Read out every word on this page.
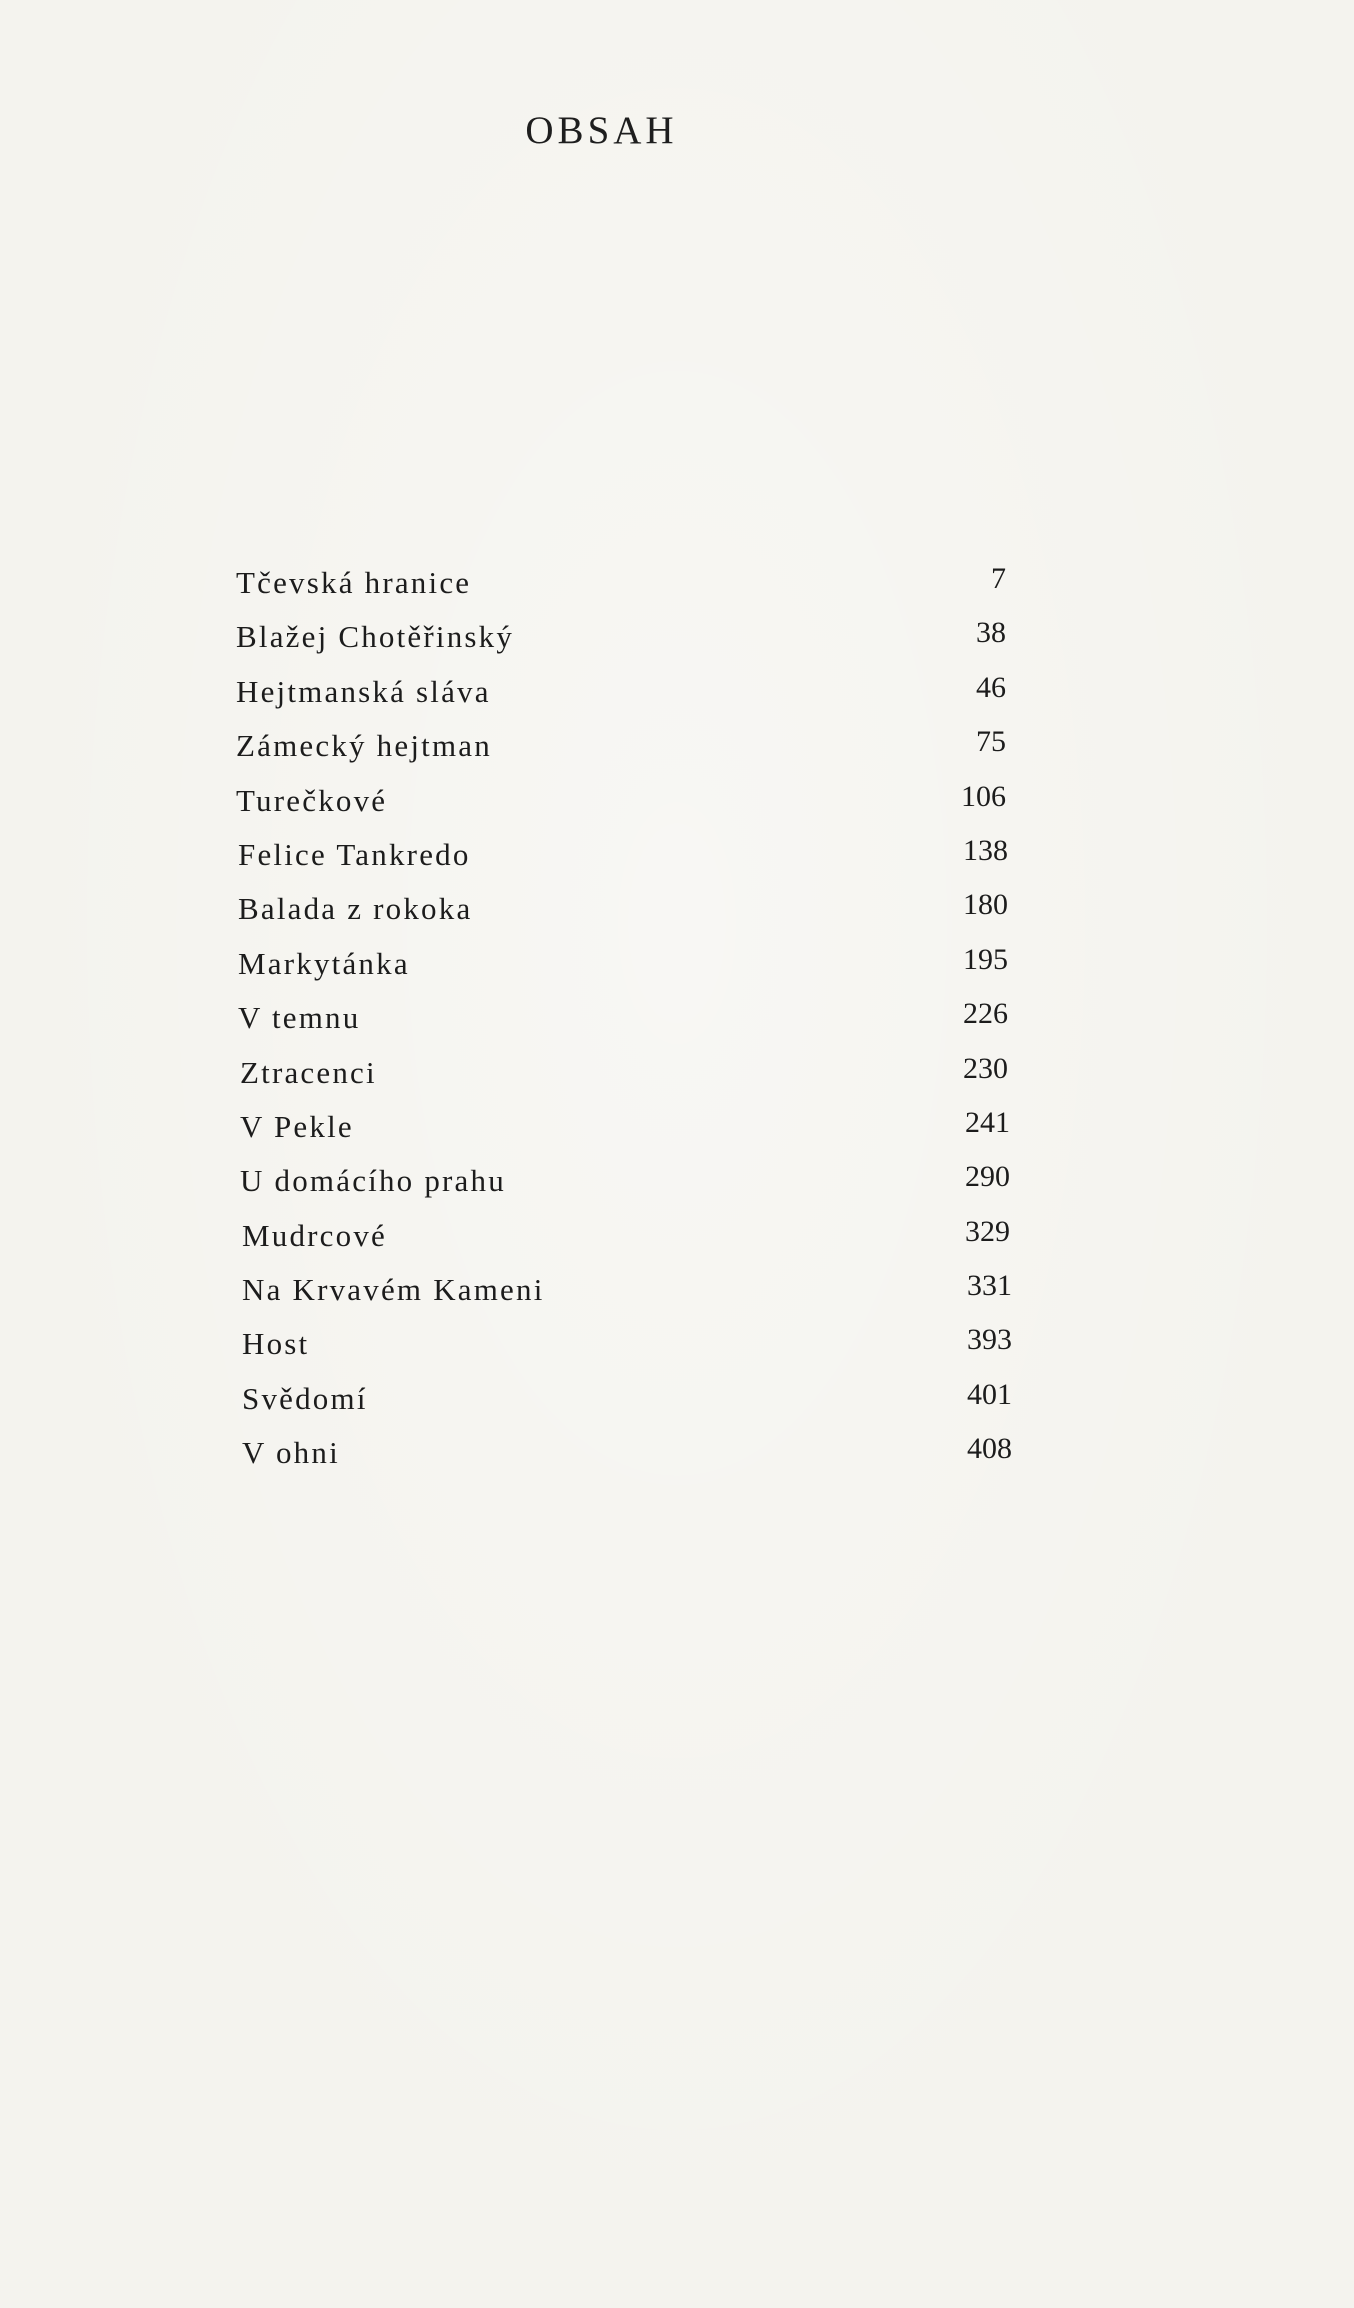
OBSAH
Tčevská hranice	7
Blažej Chotěřinský	38
Hejtmanská sláva	46
Zámecký hejtman	75
Turečkové	106
Felice Tankredo	138
Balada z rokoka	180
Markytánka	195
V temnu	226
Ztracenci	230
V Pekle	241
U domácího prahu	290
Mudrcové	329
Na Krvavém Kameni	331
Host	393
Svědomí	401
V ohni	408
